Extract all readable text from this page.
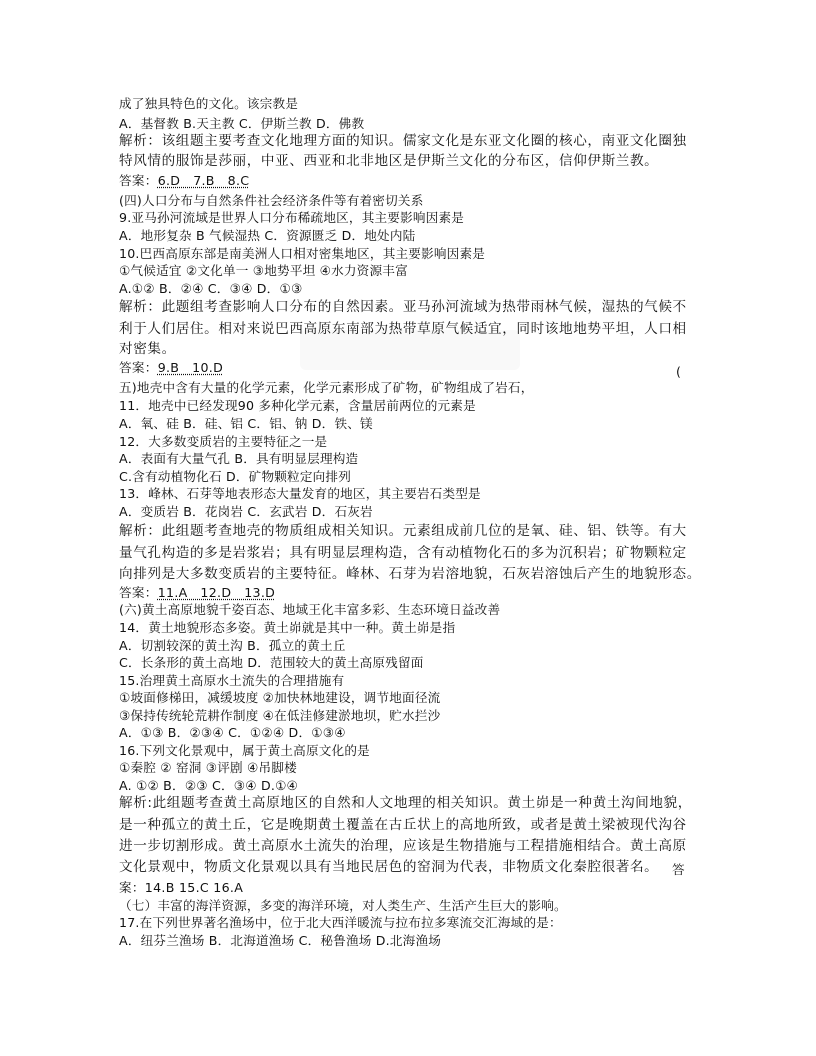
成了独具特色的文化。该宗教是
A．基督教 B.天主教 C．伊斯兰教 D．佛教
解析：该组题主要考查文化地理方面的知识。儒家文化是东亚文化圈的核心，南亚文化圈独
特风情的服饰是莎丽，中亚、西亚和北非地区是伊斯兰文化的分布区，信仰伊斯兰教。
答案：6.D　7.B　8.C
(四)人口分布与自然条件社会经济条件等有着密切关系
9.亚马孙河流域是世界人口分布稀疏地区，其主要影响因素是
A．地形复杂 B 气候湿热 C．资源匮乏 D．地处内陆
10.巴西高原东部是南美洲人口相对密集地区，其主要影响因素是
①气候适宜 ②文化单一 ③地势平坦 ④水力资源丰富
A.①② B．②④ C．③④ D．①③
解析：此题组考查影响人口分布的自然因素。亚马孙河流域为热带雨林气候，湿热的气候不
利于人们居住。相对来说巴西高原东南部为热带草原气候适宜，同时该地地势平坦，人口相
对密集。
答案：9.B　10.D	(
五)地壳中含有大量的化学元素，化学元素形成了矿物，矿物组成了岩石，
11．地壳中已经发现90 多种化学元素，含量居前两位的元素是
A．氧、硅 B．硅、铝 C．铝、钠 D．铁、镁
12．大多数变质岩的主要特征之一是
A．表面有大量气孔 B．具有明显层理构造
C.含有动植物化石 D．矿物颗粒定向排列
13．峰林、石芽等地表形态大量发育的地区，其主要岩石类型是
A．变质岩 B．花岗岩 C．玄武岩 D．石灰岩
解析：此组题考查地壳的物质组成相关知识。元素组成前几位的是氧、硅、铝、铁等。有大
量气孔构造的多是岩浆岩；具有明显层理构造，含有动植物化石的多为沉积岩；矿物颗粒定
向排列是大多数变质岩的主要特征。峰林、石芽为岩溶地貌，石灰岩溶蚀后产生的地貌形态。
答案：11.A　12.D　13.D
(六)黄土高原地貌千姿百态、地域王化丰富多彩、生态环境日益改善
14．黄土地貌形态多姿。黄土峁就是其中一种。黄土峁是指
A．切割较深的黄土沟 B．孤立的黄土丘
C．长条形的黄土高地 D．范围较大的黄土高原残留面
15.治理黄土高原水土流失的合理措施有
①坡面修梯田，减缓坡度 ②加快林地建设，调节地面径流
③保持传统轮荒耕作制度 ④在低洼修建淤地坝，贮水拦沙
A．①③ B．②③④ C．①②④ D．①③④
16.下列文化景观中，属于黄土高原文化的是
①秦腔 ② 窑洞 ③评剧 ④吊脚楼
A. ①② B．②③ C．③④ D.①④
解析:此组题考查黄土高原地区的自然和人文地理的相关知识。黄土峁是一种黄土沟间地貌，
是一种孤立的黄土丘，它是晚期黄土覆盖在古丘状上的高地所致，或者是黄土梁被现代沟谷
进一步切割形成。黄土高原水土流失的治理，应该是生物措施与工程措施相结合。黄土高原
文化景观中，物质文化景观以具有当地民居色的窑洞为代表，非物质文化秦腔很著名。 答
案：14.B 15.C 16.A
（七）丰富的海洋资源，多变的海洋环境，对人类生产、生活产生巨大的影响。
17.在下列世界著名渔场中，位于北大西洋暖流与拉布拉多寒流交汇海域的是：
A．纽芬兰渔场 B．北海道渔场 C．秘鲁渔场 D.北海渔场
